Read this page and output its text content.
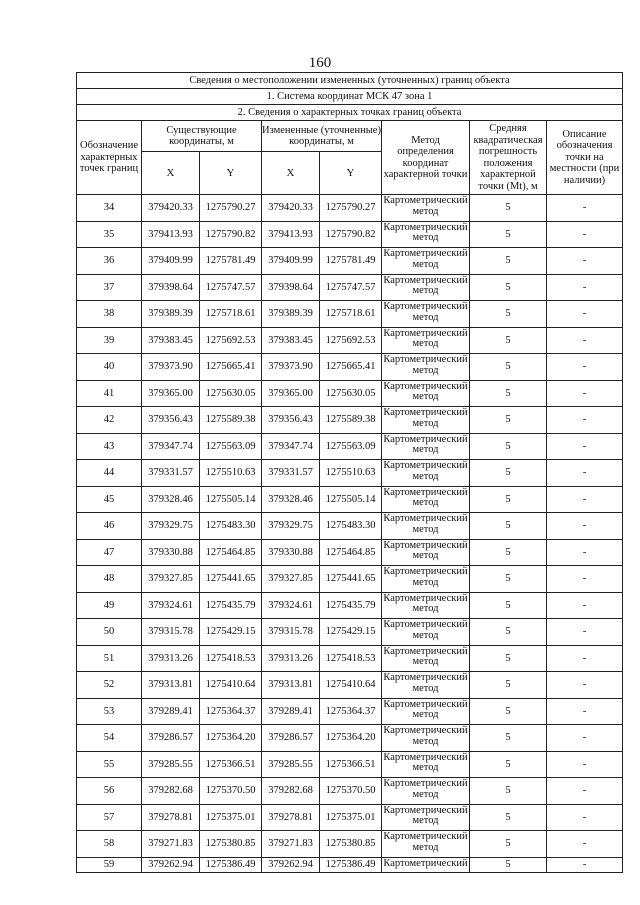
160
Сведения о местоположении измененных (уточненных) границ объекта							
1. Система координат МСК 47 зона 1							
2. Сведения о характерных точках границ объекта							
Обозначение характерных точек границ	Существующие координаты, м		Измененные (уточненные) координаты, м		Метод определения координат характерной точки	Средняя квадратическая погрешность положения характерной точки (Mt), м	Описание обозначения точки на местности (при наличии)
	X	Y	X	Y			
34	379420.33	1275790.27	379420.33	1275790.27	Картометрический метод	5	-
35	379413.93	1275790.82	379413.93	1275790.82	Картометрический метод	5	-
36	379409.99	1275781.49	379409.99	1275781.49	Картометрический метод	5	-
37	379398.64	1275747.57	379398.64	1275747.57	Картометрический метод	5	-
38	379389.39	1275718.61	379389.39	1275718.61	Картометрический метод	5	-
39	379383.45	1275692.53	379383.45	1275692.53	Картометрический метод	5	-
40	379373.90	1275665.41	379373.90	1275665.41	Картометрический метод	5	-
41	379365.00	1275630.05	379365.00	1275630.05	Картометрический метод	5	-
42	379356.43	1275589.38	379356.43	1275589.38	Картометрический метод	5	-
43	379347.74	1275563.09	379347.74	1275563.09	Картометрический метод	5	-
44	379331.57	1275510.63	379331.57	1275510.63	Картометрический метод	5	-
45	379328.46	1275505.14	379328.46	1275505.14	Картометрический метод	5	-
46	379329.75	1275483.30	379329.75	1275483.30	Картометрический метод	5	-
47	379330.88	1275464.85	379330.88	1275464.85	Картометрический метод	5	-
48	379327.85	1275441.65	379327.85	1275441.65	Картометрический метод	5	-
49	379324.61	1275435.79	379324.61	1275435.79	Картометрический метод	5	-
50	379315.78	1275429.15	379315.78	1275429.15	Картометрический метод	5	-
51	379313.26	1275418.53	379313.26	1275418.53	Картометрический метод	5	-
52	379313.81	1275410.64	379313.81	1275410.64	Картометрический метод	5	-
53	379289.41	1275364.37	379289.41	1275364.37	Картометрический метод	5	-
54	379286.57	1275364.20	379286.57	1275364.20	Картометрический метод	5	-
55	379285.55	1275366.51	379285.55	1275366.51	Картометрический метод	5	-
56	379282.68	1275370.50	379282.68	1275370.50	Картометрический метод	5	-
57	379278.81	1275375.01	379278.81	1275375.01	Картометрический метод	5	-
58	379271.83	1275380.85	379271.83	1275380.85	Картометрический метод	5	-
59	379262.94	1275386.49	379262.94	1275386.49	Картометрический	5	-
